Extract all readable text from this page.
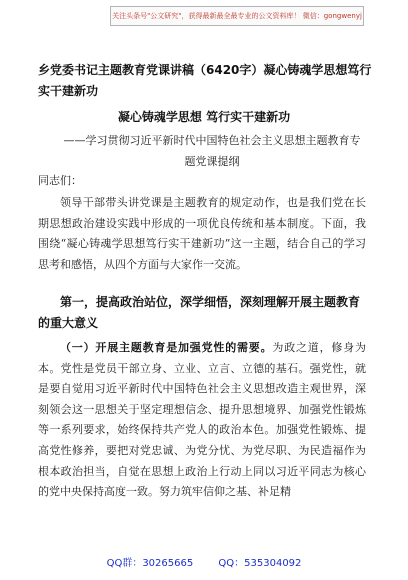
关注头条号"公文研究"，获得最新最全最专业的公文资料库！ 微信：gongwenyj
乡党委书记主题教育党课讲稿（6420字）凝心铸魂学思想笃行实干建新功
凝心铸魂学思想 笃行实干建新功
——学习贯彻习近平新时代中国特色社会主义思想主题教育专题党课提纲
同志们：
领导干部带头讲党课是主题教育的规定动作，也是我们党在长期思想政治建设实践中形成的一项优良传统和基本制度。下面，我围绕“凝心铸魂学思想笃行实干建新功”这一主题，结合自己的学习思考和感悟，从四个方面与大家作一交流。
第一，提高政治站位，深学细悟，深刻理解开展主题教育的重大意义
（一）开展主题教育是加强党性的需要。为政之道，修身为本。党性是党员干部立身、立业、立言、立德的基石。强党性，就是要自觉用习近平新时代中国特色社会主义思想改造主观世界，深刻领会这一思想关于坚定理想信念、提升思想境界、加强党性锻炼等一系列要求，始终保持共产党人的政治本色。加强党性锻炼、提高党性修养，要把对党忠诚、为党分忧、为党尽职、为民造福作为根本政治担当，自觉在思想上政治上行动上同以习近平同志为核心的党中央保持高度一致。努力筑牢信仰之基、补足精
QQ群：30265665	QQ：535304092
